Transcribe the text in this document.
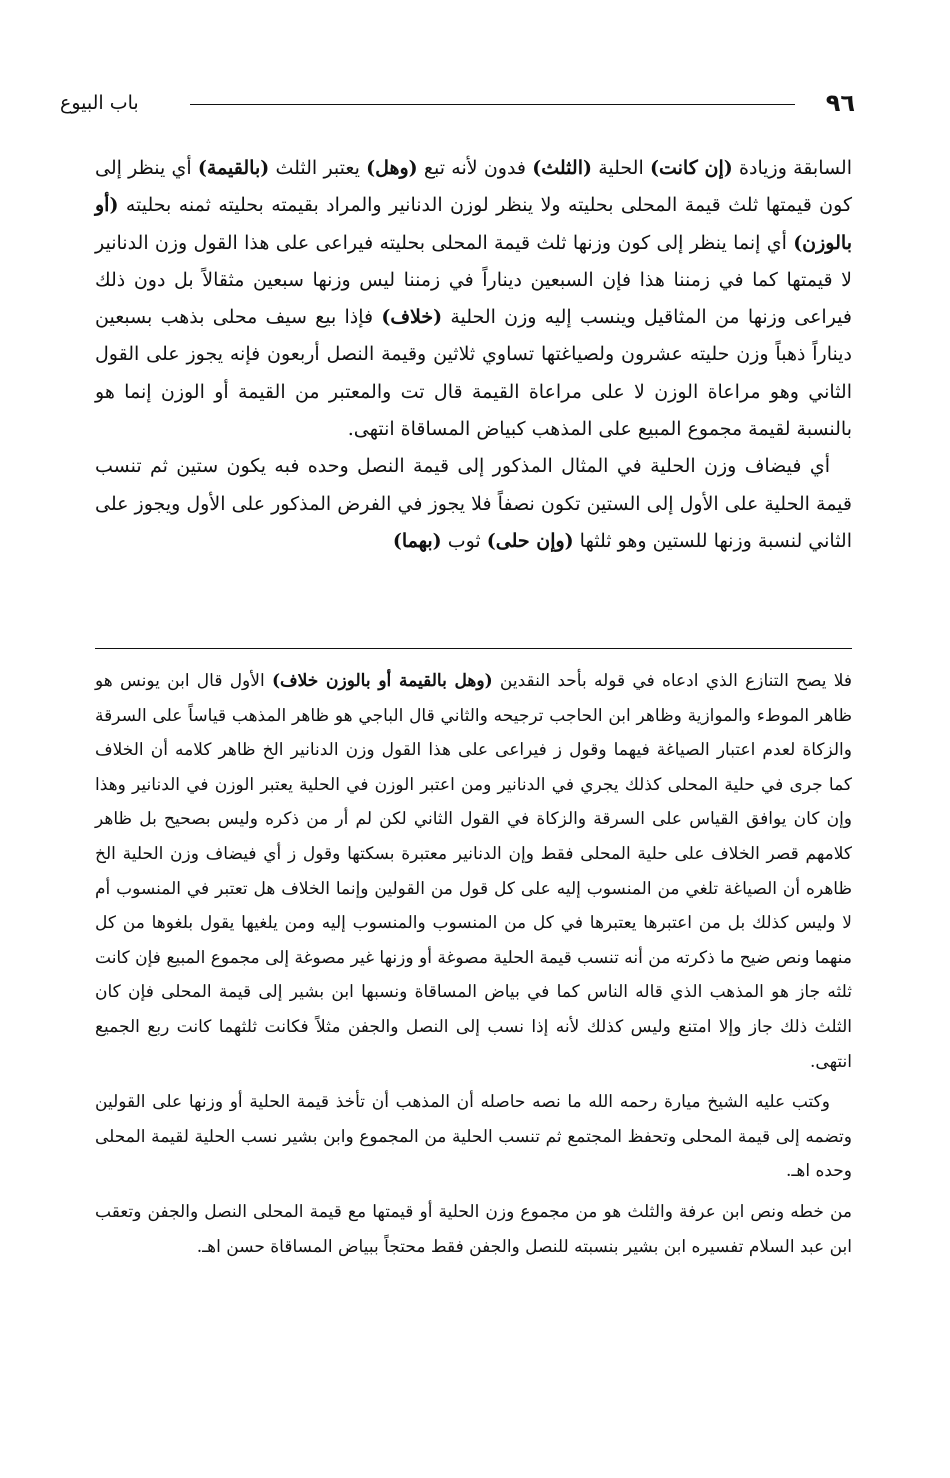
٩٦
باب البيوع

السابقة وزيادة (إن كانت) الحلية (الثلث) فدون لأنه تبع (وهل) يعتبر الثلث (بالقيمة) أي ينظر إلى كون قيمتها ثلث قيمة المحلى بحليته ولا ينظر لوزن الدنانير والمراد بقيمته بحليته ثمنه بحليته (أو بالوزن) أي إنما ينظر إلى كون وزنها ثلث قيمة المحلى بحليته فيراعى على هذا القول وزن الدنانير لا قيمتها كما في زمننا هذا فإن السبعين ديناراً في زمننا ليس وزنها سبعين مثقالاً بل دون ذلك فيراعى وزنها من المثاقيل وينسب إليه وزن الحلية (خلاف) فإذا بيع سيف محلى بذهب بسبعين ديناراً ذهباً وزن حليته عشرون ولصياغتها تساوي ثلاثين وقيمة النصل أربعون فإنه يجوز على القول الثاني وهو مراعاة الوزن لا على مراعاة القيمة قال تت والمعتبر من القيمة أو الوزن إنما هو بالنسبة لقيمة مجموع المبيع على المذهب كبياض المساقاة انتهى.

أي فيضاف وزن الحلية في المثال المذكور إلى قيمة النصل وحده فبه يكون ستين ثم تنسب قيمة الحلية على الأول إلى الستين تكون نصفاً فلا يجوز في الفرض المذكور على الأول ويجوز على الثاني لنسبة وزنها للستين وهو ثلثها (وإن حلى) ثوب (بهما)

فلا يصح التنازع الذي ادعاه في قوله بأحد النقدين (وهل بالقيمة أو بالوزن خلاف) الأول قال ابن يونس هو ظاهر الموطء والموازية وظاهر ابن الحاجب ترجيحه والثاني قال الباجي هو ظاهر المذهب قياساً على السرقة والزكاة لعدم اعتبار الصياغة فيهما وقول ز فيراعى على هذا القول وزن الدنانير الخ ظاهر كلامه أن الخلاف كما جرى في حلية المحلى كذلك يجري في الدنانير ومن اعتبر الوزن في الحلية يعتبر الوزن في الدنانير وهذا وإن كان يوافق القياس على السرقة والزكاة في القول الثاني لكن لم أر من ذكره وليس بصحيح بل ظاهر كلامهم قصر الخلاف على حلية المحلى فقط وإن الدنانير معتبرة بسكتها وقول ز أي فيضاف وزن الحلية الخ ظاهره أن الصياغة تلغي من المنسوب إليه على كل قول من القولين وإنما الخلاف هل تعتبر في المنسوب أم لا وليس كذلك بل من اعتبرها يعتبرها في كل من المنسوب والمنسوب إليه ومن يلغيها يقول بلغوها من كل منهما ونص ضيح ما ذكرته من أنه تنسب قيمة الحلية مصوغة أو وزنها غير مصوغة إلى مجموع المبيع فإن كانت ثلثه جاز هو المذهب الذي قاله الناس كما في بياض المساقاة ونسبها ابن بشير إلى قيمة المحلى فإن كان الثلث ذلك جاز وإلا امتنع وليس كذلك لأنه إذا نسب إلى النصل والجفن مثلاً فكانت ثلثهما كانت ربع الجميع انتهى.

وكتب عليه الشيخ ميارة رحمه الله ما نصه حاصله أن المذهب أن تأخذ قيمة الحلية أو وزنها على القولين وتضمه إلى قيمة المحلى وتحفظ المجتمع ثم تنسب الحلية من المجموع وابن بشير نسب الحلية لقيمة المحلى وحده اهـ.

من خطه ونص ابن عرفة والثلث هو من مجموع وزن الحلية أو قيمتها مع قيمة المحلى النصل والجفن وتعقب ابن عبد السلام تفسيره ابن بشير بنسبته للنصل والجفن فقط محتجاً ببياض المساقاة حسن اهـ.
